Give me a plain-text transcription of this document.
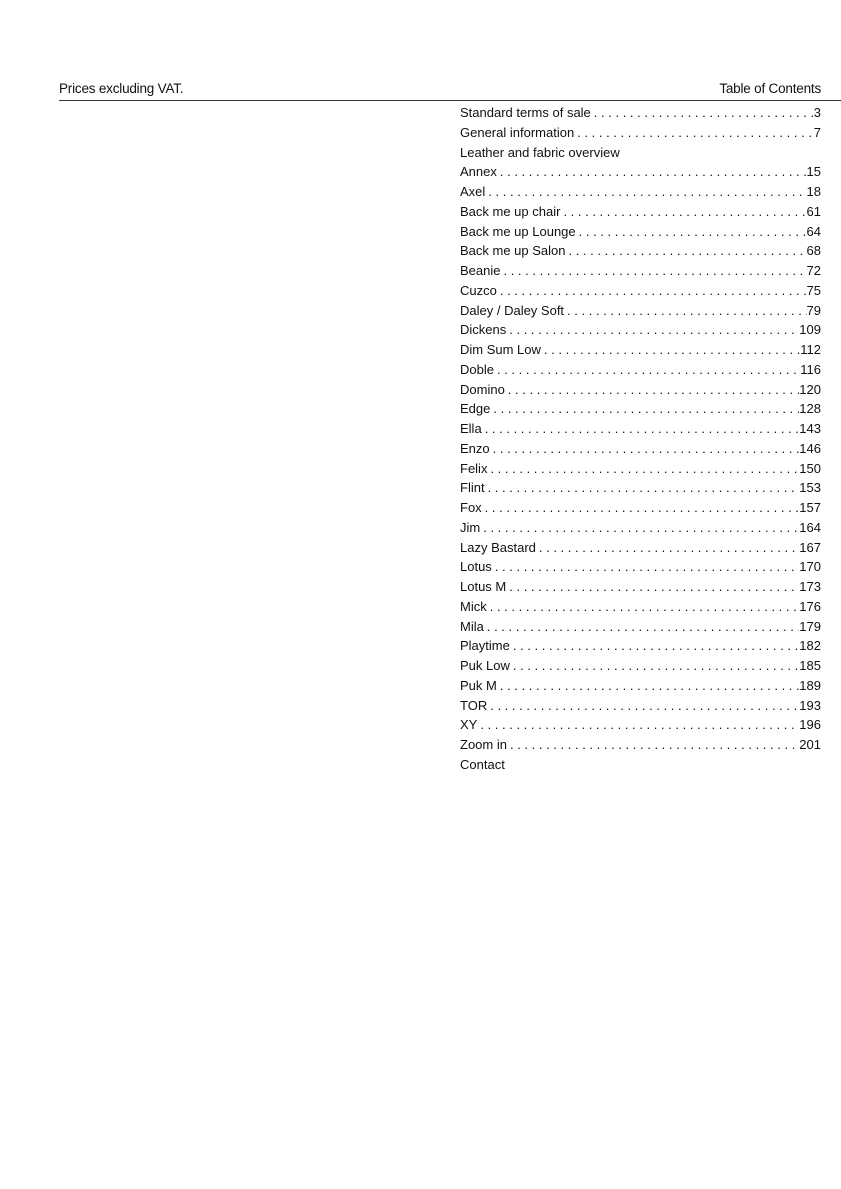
Prices excluding VAT.	Table of Contents
Standard terms of sale . . .	3
General information . . .	7
Leather and fabric overview
Annex . . .	15
Axel . . .	18
Back me up chair . . .	61
Back me up Lounge . . .	64
Back me up Salon . . .	68
Beanie . . .	72
Cuzco . . .	75
Daley / Daley Soft . . .	79
Dickens . . .	109
Dim Sum Low . . .	112
Doble . . .	116
Domino . . .	120
Edge . . .	128
Ella . . .	143
Enzo . . .	146
Felix . . .	150
Flint . . .	153
Fox . . .	157
Jim . . .	164
Lazy Bastard . . .	167
Lotus . . .	170
Lotus M . . .	173
Mick . . .	176
Mila . . .	179
Playtime . . .	182
Puk Low . . .	185
Puk M . . .	189
TOR . . .	193
XY . . .	196
Zoom in . . .	201
Contact
